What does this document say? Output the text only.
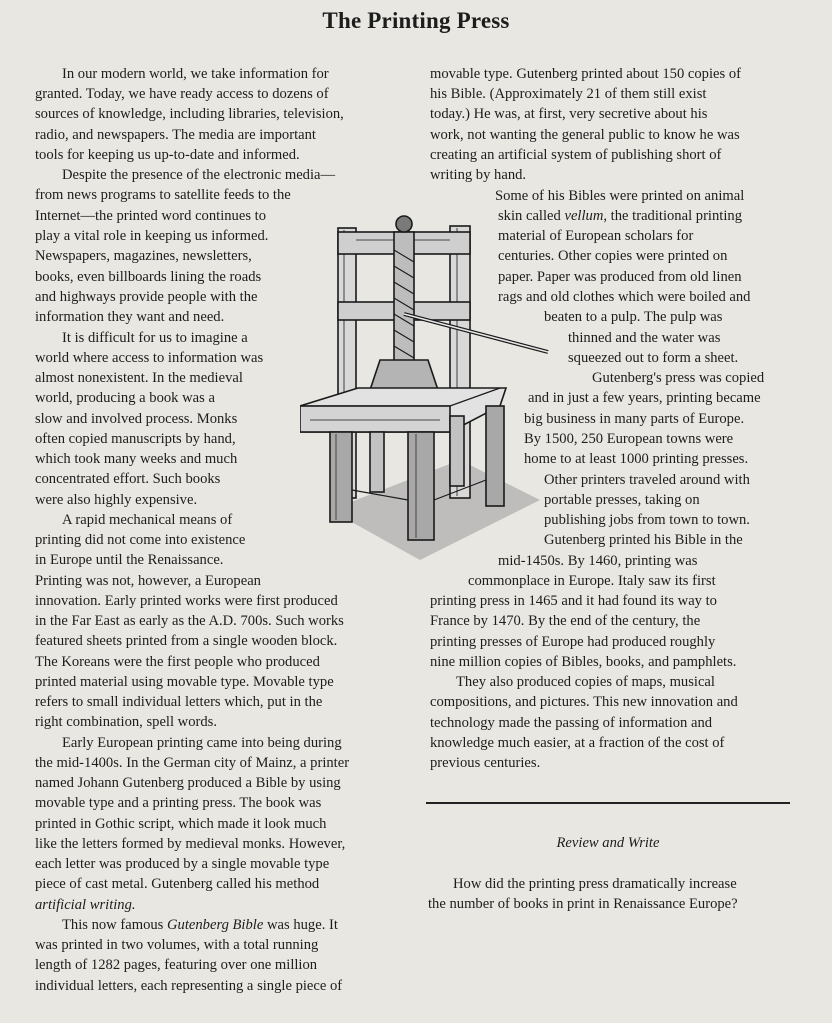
The Printing Press
In our modern world, we take information for
granted. Today, we have ready access to dozens of
sources of knowledge, including libraries, television,
radio, and newspapers. The media are important
tools for keeping us up-to-date and informed.
Despite the presence of the electronic media—
from news programs to satellite feeds to the
Internet—the printed word continues to
play a vital role in keeping us informed.
Newspapers, magazines, newsletters,
books, even billboards lining the roads
and highways provide people with the
information they want and need.
It is difficult for us to imagine a
world where access to information was
almost nonexistent. In the medieval
world, producing a book was a
slow and involved process. Monks
often copied manuscripts by hand,
which took many weeks and much
concentrated effort. Such books
were also highly expensive.
A rapid mechanical means of
printing did not come into existence
in Europe until the Renaissance.
Printing was not, however, a European
innovation. Early printed works were first produced
in the Far East as early as the A.D. 700s. Such works
featured sheets printed from a single wooden block.
The Koreans were the first people who produced
printed material using movable type. Movable type
refers to small individual letters which, put in the
right combination, spell words.
Early European printing came into being during
the mid-1400s. In the German city of Mainz, a printer
named Johann Gutenberg produced a Bible by using
movable type and a printing press. The book was
printed in Gothic script, which made it look much
like the letters formed by medieval monks. However,
each letter was produced by a single movable type
piece of cast metal. Gutenberg called his method
artificial writing.
This now famous Gutenberg Bible was huge. It
was printed in two volumes, with a total running
length of 1282 pages, featuring over one million
individual letters, each representing a single piece of
movable type. Gutenberg printed about 150 copies of
his Bible. (Approximately 21 of them still exist
today.) He was, at first, very secretive about his
work, not wanting the general public to know he was
creating an artificial system of publishing short of
writing by hand.
Some of his Bibles were printed on animal
skin called vellum, the traditional printing
material of European scholars for
centuries. Other copies were printed on
paper. Paper was produced from old linen
rags and old clothes which were boiled and
beaten to a pulp. The pulp was
thinned and the water was
squeezed out to form a sheet.
Gutenberg's press was copied
and in just a few years, printing became
big business in many parts of Europe.
By 1500, 250 European towns were
home to at least 1000 printing presses.
Other printers traveled around with
portable presses, taking on
publishing jobs from town to town.
Gutenberg printed his Bible in the
mid-1450s. By 1460, printing was
commonplace in Europe. Italy saw its first
printing press in 1465 and it had found its way to
France by 1470. By the end of the century, the
printing presses of Europe had produced roughly
nine million copies of Bibles, books, and pamphlets.
They also produced copies of maps, musical
compositions, and pictures. This new innovation and
technology made the passing of information and
knowledge much easier, at a fraction of the cost of
previous centuries.
Review and Write
How did the printing press dramatically increase
the number of books in print in Renaissance Europe?
